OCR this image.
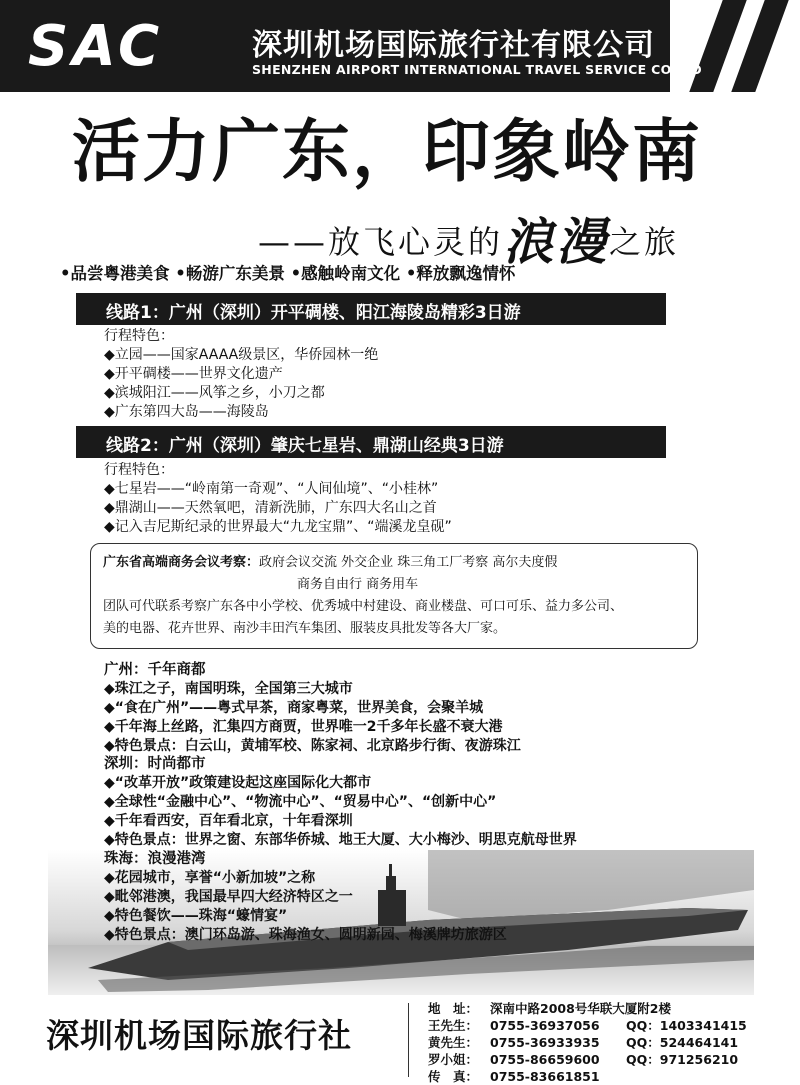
SAC	深圳机场国际旅行社有限公司
SHENZHEN AIRPORT INTERNATIONAL TRAVEL SERVICE CO.LTD
活力广东，印象岭南
——放飞心灵的浪漫之旅
•品尝粤港美食 •畅游广东美景 •感触岭南文化 •释放飘逸情怀
线路1：广州（深圳）开平碉楼、阳江海陵岛精彩3日游
行程特色：
◆立园——国家AAAA级景区，华侨园林一绝
◆开平碉楼——世界文化遗产
◆滨城阳江——风筝之乡，小刀之都
◆广东第四大岛——海陵岛
线路2：广州（深圳）肇庆七星岩、鼎湖山经典3日游
行程特色：
◆七星岩——“岭南第一奇观”、“人间仙境”、“小桂林”
◆鼎湖山——天然氧吧，清新洗肺，广东四大名山之首
◆记入吉尼斯纪录的世界最大“九龙宝鼎”、“端溪龙皇砚”
广东省高端商务会议考察：政府会议交流 外交企业 珠三角工厂考察 高尔夫度假
商务自由行 商务用车
团队可代联系考察广东各中小学校、优秀城中村建设、商业楼盘、可口可乐、益力多公司、
美的电器、花卉世界、南沙丰田汽车集团、服装皮具批发等各大厂家。
广州：千年商都
◆珠江之子，南国明珠，全国第三大城市
◆“食在广州”——粤式早茶，商家粤菜，世界美食，会聚羊城
◆千年海上丝路，汇集四方商贾，世界唯一2千多年长盛不衰大港
◆特色景点：白云山，黄埔军校、陈家祠、北京路步行街、夜游珠江
深圳：时尚都市
◆“改革开放”政策建设起这座国际化大都市
◆全球性“金融中心”、“物流中心”、“贸易中心”、“创新中心”
◆千年看西安，百年看北京，十年看深圳
◆特色景点：世界之窗、东部华侨城、地王大厦、大小梅沙、明思克航母世界
珠海：浪漫港湾
◆花园城市，享誉“小新加坡”之称
◆毗邻港澳，我国最早四大经济特区之一
◆特色餐饮——珠海“蠔情宴”
◆特色景点：澳门环岛游、珠海渔女、圆明新园、梅溪牌坊旅游区
深圳机场国际旅行社
地　址： 深南中路2008号华联大厦附2楼
王先生： 0755-36937056 QQ：1403341415
黄先生： 0755-36933935 QQ：524464141
罗小姐： 0755-86659600 QQ：971256210
传　真： 0755-83661851
